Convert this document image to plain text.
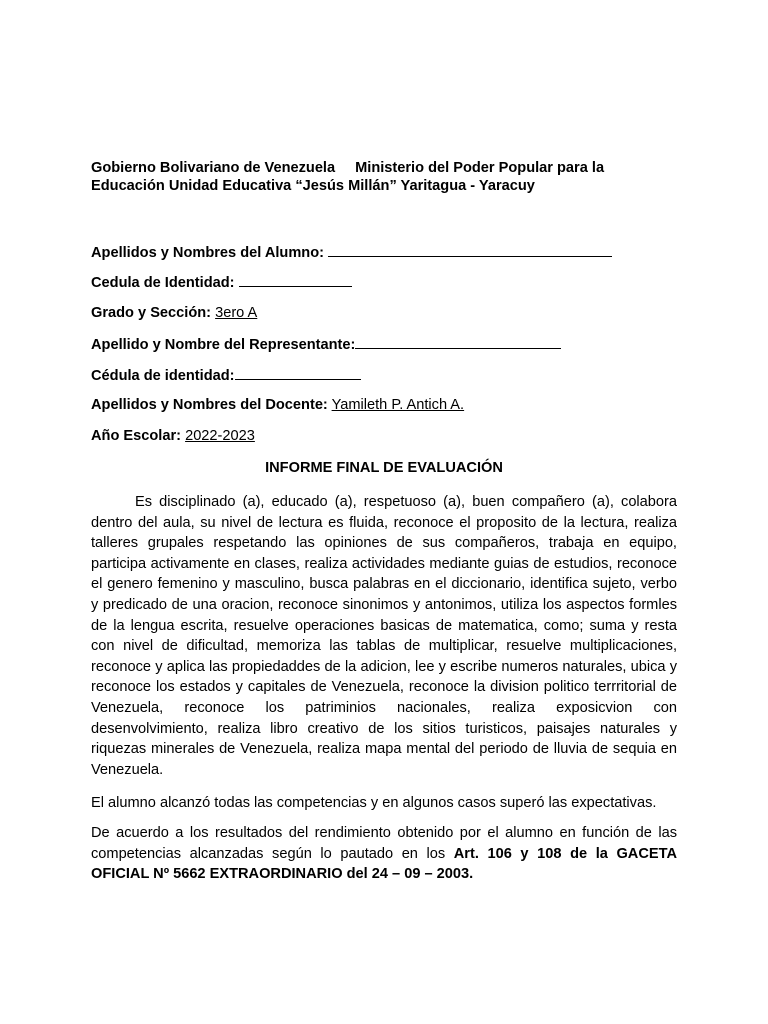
Gobierno Bolivariano de Venezuela Ministerio del Poder Popular para la
Educación Unidad Educativa “Jesús Millán” Yaritagua - Yaracuy
Apellidos y Nombres del Alumno:
Cedula de Identidad:
Grado y Sección: 3ero A
Apellido y Nombre del Representante:
Cédula de identidad:
Apellidos y Nombres del Docente: Yamileth P. Antich A.
Año Escolar: 2022-2023
INFORME FINAL DE EVALUACIÓN

Es disciplinado (a), educado (a), respetuoso (a), buen compañero (a), colabora dentro del aula, su nivel de lectura es fluida, reconoce el proposito de la lectura, realiza talleres grupales respetando las opiniones de sus compañeros, trabaja en equipo, participa activamente en clases, realiza actividades mediante guias de estudios, reconoce el genero femenino y masculino, busca palabras en el diccionario, identifica sujeto, verbo y predicado de una oracion, reconoce sinonimos y antonimos, utiliza los aspectos formles de la lengua escrita, resuelve operaciones basicas de matematica, como; suma y resta con nivel de dificultad, memoriza las tablas de multiplicar, resuelve multiplicaciones, reconoce y aplica las propiedaddes de la adicion, lee y escribe numeros naturales, ubica y reconoce los estados y capitales de Venezuela, reconoce la division politico terrritorial de Venezuela, reconoce los patriminios nacionales, realiza exposicvion con desenvolvimiento, realiza libro creativo de los sitios turisticos, paisajes naturales y riquezas minerales de Venezuela, realiza mapa mental del periodo de lluvia de sequia en Venezuela.

El alumno alcanzó todas las competencias y en algunos casos superó las expectativas.

De acuerdo a los resultados del rendimiento obtenido por el alumno en función de las competencias alcanzadas según lo pautado en los Art. 106 y 108 de la GACETA OFICIAL Nº 5662 EXTRAORDINARIO del 24 – 09 – 2003.
